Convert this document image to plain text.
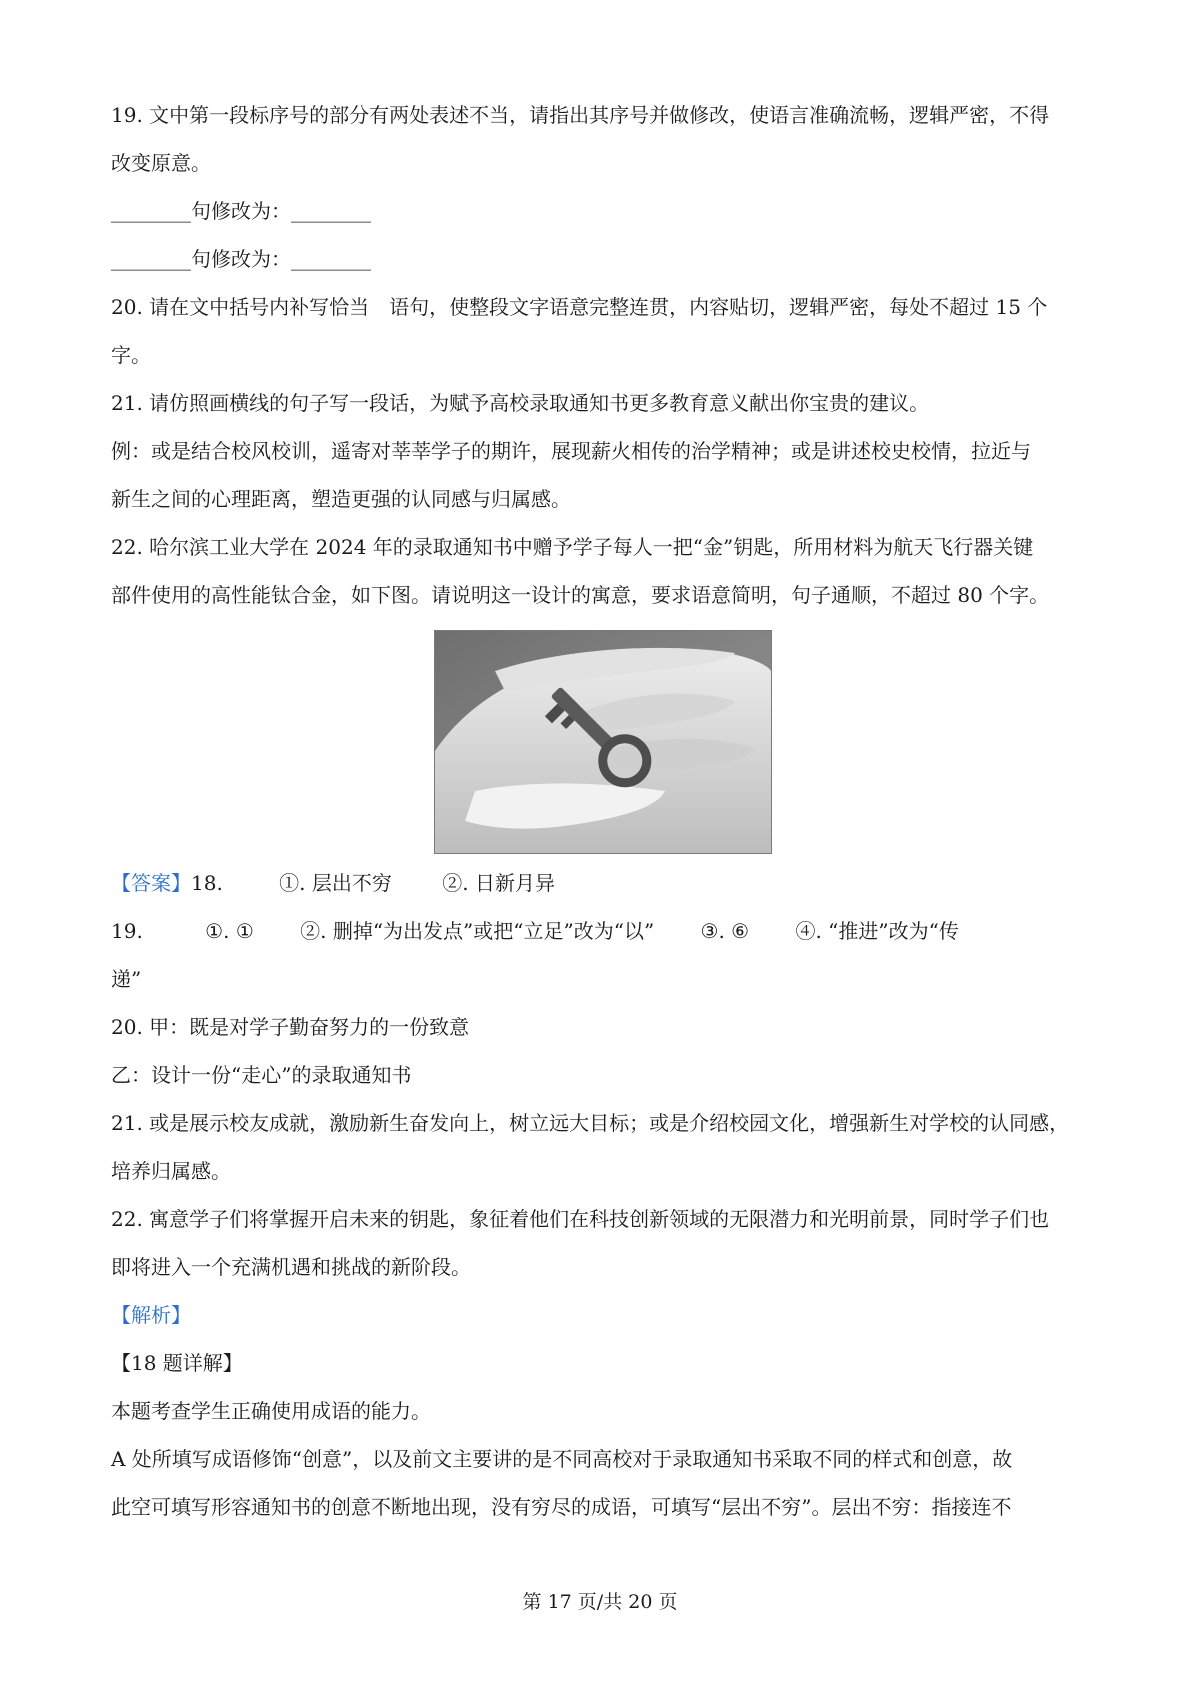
19. 文中第一段标序号的部分有两处表述不当，请指出其序号并做修改，使语言准确流畅，逻辑严密，不得
改变原意。
________句修改为：________
________句修改为：________
20. 请在文中括号内补写恰当　语句，使整段文字语意完整连贯，内容贴切，逻辑严密，每处不超过 15 个
字。
21. 请仿照画横线的句子写一段话，为赋予高校录取通知书更多教育意义献出你宝贵的建议。
例：或是结合校风校训，遥寄对莘莘学子的期许，展现薪火相传的治学精神；或是讲述校史校情，拉近与
新生之间的心理距离，塑造更强的认同感与归属感。
22. 哈尔滨工业大学在 2024 年的录取通知书中赠予学子每人一把“金”钥匙，所用材料为航天飞行器关键
部件使用的高性能钛合金，如下图。请说明这一设计的寓意，要求语意简明，句子通顺，不超过 80 个字。
【答案】18.	①. 层出不穷	②. 日新月异
19.	①. ① ②. 删掉“为出发点”或把“立足”改为“以” ③. ⑥ ④. “推进”改为“传
递”
20. 甲：既是对学子勤奋努力的一份致意
乙：设计一份“走心”的录取通知书
21. 或是展示校友成就，激励新生奋发向上，树立远大目标；或是介绍校园文化，增强新生对学校的认同感，
培养归属感。
22. 寓意学子们将掌握开启未来的钥匙，象征着他们在科技创新领域的无限潜力和光明前景，同时学子们也
即将进入一个充满机遇和挑战的新阶段。
【解析】
【18 题详解】
本题考查学生正确使用成语的能力。
A 处所填写成语修饰“创意”，以及前文主要讲的是不同高校对于录取通知书采取不同的样式和创意，故
此空可填写形容通知书的创意不断地出现，没有穷尽的成语，可填写“层出不穷”。层出不穷：指接连不
第 17 页/共 20 页
